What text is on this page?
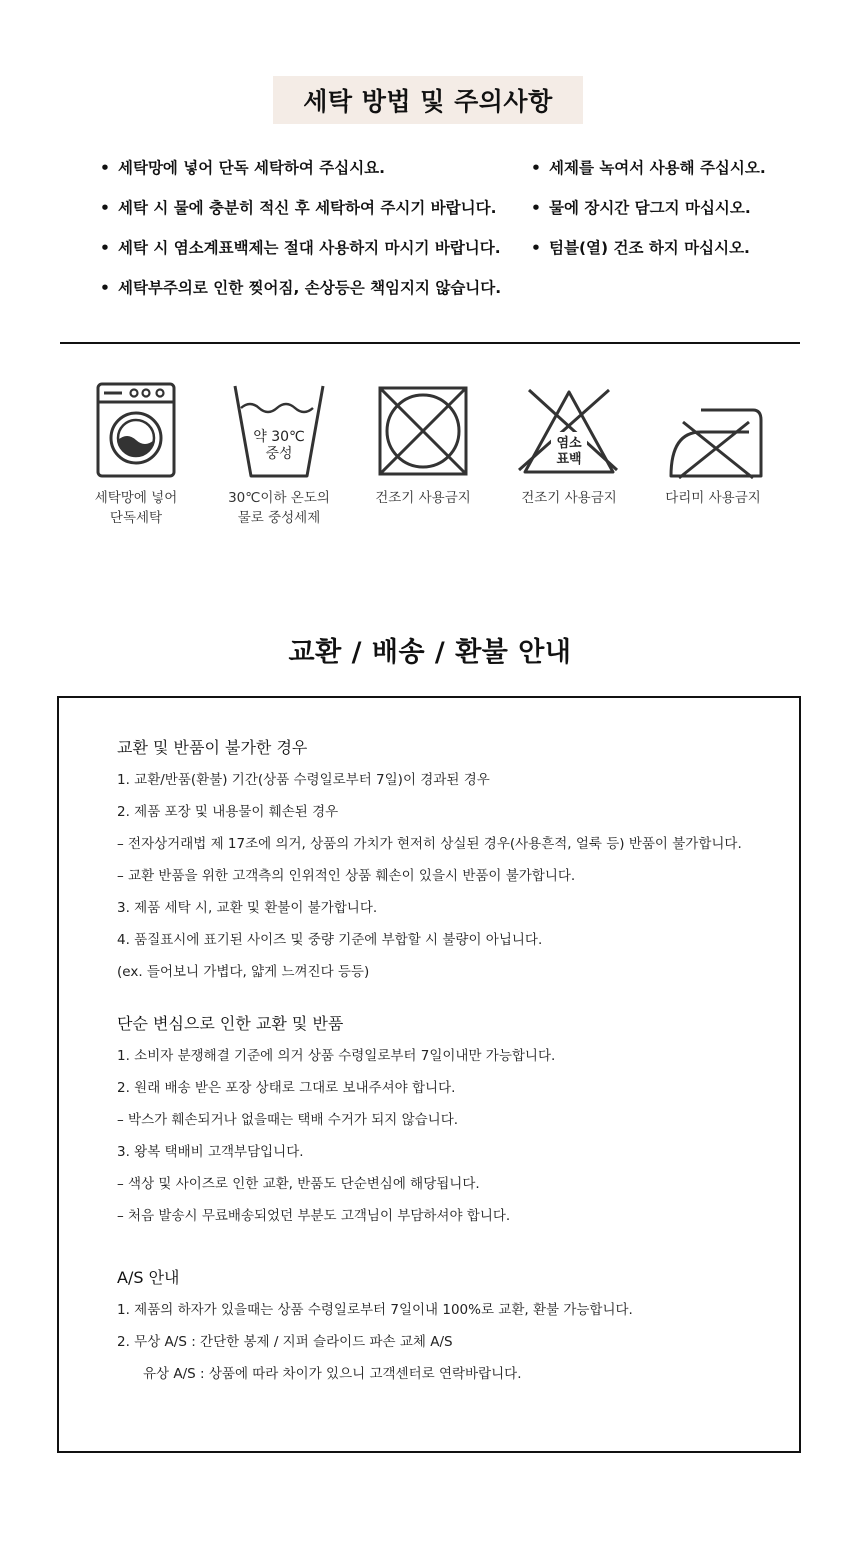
세탁 방법 및 주의사항
• 세탁망에 넣어 단독 세탁하여 주십시요.
• 세탁 시 물에 충분히 적신 후 세탁하여 주시기 바랍니다.
• 세탁 시 염소계표백제는 절대 사용하지 마시기 바랍니다.
• 세탁부주의로 인한 찢어짐, 손상등은 책임지지 않습니다.
• 세제를 녹여서 사용해 주십시오.
• 물에 장시간 담그지 마십시오.
• 텀블(열) 건조 하지 마십시오.
세탁망에 넣어
단독세탁
약 30℃
중성
30℃이하 온도의
물로 중성세제
건조기 사용금지
염소
표백
건조기 사용금지	다리미 사용금지
교환 / 배송 / 환불 안내
교환 및 반품이 불가한 경우
1. 교환/반품(환불) 기간(상품 수령일로부터 7일)이 경과된 경우
2. 제품 포장 및 내용물이 훼손된 경우
– 전자상거래법 제 17조에 의거, 상품의 가치가 현저히 상실된 경우(사용흔적, 얼룩 등) 반품이 불가합니다.
– 교환 반품을 위한 고객측의 인위적인 상품 훼손이 있을시 반품이 불가합니다.
3. 제품 세탁 시, 교환 및 환불이 불가합니다.
4. 품질표시에 표기된 사이즈 및 중량 기준에 부합할 시 불량이 아닙니다.
(ex. 들어보니 가볍다, 얇게 느껴진다 등등)
단순 변심으로 인한 교환 및 반품
1. 소비자 분쟁해결 기준에 의거 상품 수령일로부터 7일이내만 가능합니다.
2. 원래 배송 받은 포장 상태로 그대로 보내주셔야 합니다.
– 박스가 훼손되거나 없을때는 택배 수거가 되지 않습니다.
3. 왕복 택배비 고객부담입니다.
– 색상 및 사이즈로 인한 교환, 반품도 단순변심에 해당됩니다.
– 처음 발송시 무료배송되었던 부분도 고객님이 부담하셔야 합니다.
A/S 안내
1. 제품의 하자가 있을때는 상품 수령일로부터 7일이내 100%로 교환, 환불 가능합니다.
2. 무상 A/S : 간단한 봉제 / 지퍼 슬라이드 파손 교체 A/S
유상 A/S : 상품에 따라 차이가 있으니 고객센터로 연락바랍니다.
